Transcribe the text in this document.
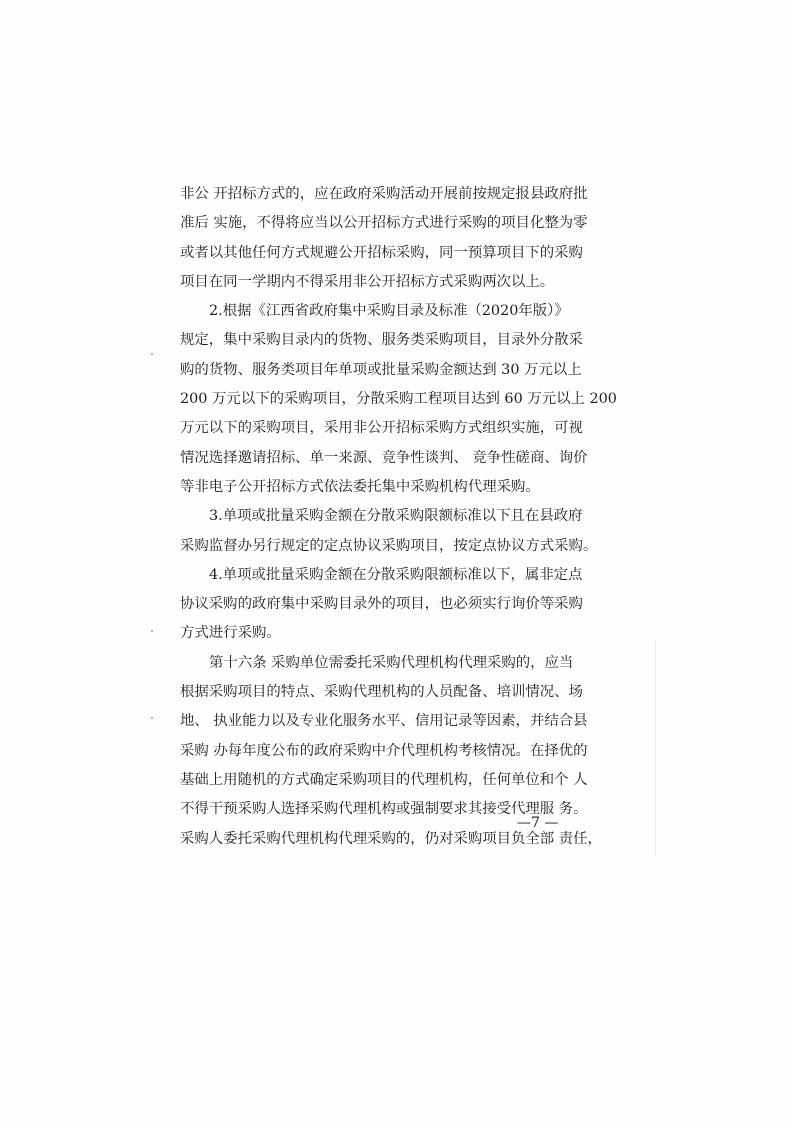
非公 开招标方式的，应在政府采购活动开展前按规定报县政府批
准后 实施，不得将应当以公开招标方式进行采购的项目化整为零
或者以其他任何方式规避公开招标采购，同一预算项目下的采购
项目在同一学期内不得采用非公开招标方式采购两次以上。
2.根据《江西省政府集中采购目录及标准（2020年版）》
规定，集中采购目录内的货物、服务类采购项目，目录外分散采
购的货物、服务类项目年单项或批量采购金额达到 30 万元以上
200 万元以下的采购项目，分散采购工程项目达到 60 万元以上 200
万元以下的采购项目，采用非公开招标采购方式组织实施，可视
情况选择邀请招标、单一来源、竞争性谈判、 竞争性磋商、询价
等非电子公开招标方式依法委托集中采购机构代理采购。
3.单项或批量采购金额在分散采购限额标准以下且在县政府
采购监督办另行规定的定点协议采购项目，按定点协议方式采购。
4.单项或批量采购金额在分散采购限额标准以下，属非定点
协议采购的政府集中采购目录外的项目，也必须实行询价等采购
方式进行采购。
第十六条 采购单位需委托采购代理机构代理采购的，应当
根据采购项目的特点、采购代理机构的人员配备、培训情况、场
地、 执业能力以及专业化服务水平、信用记录等因素，并结合县
采购 办每年度公布的政府采购中介代理机构考核情况。在择优的
基础上用随机的方式确定采购项目的代理机构，任何单位和个 人
不得干预采购人选择采购代理机构或强制要求其接受代理服 务。
采购人委托采购代理机构代理采购的，仍对采购项目负全部 责任，
—7 —
